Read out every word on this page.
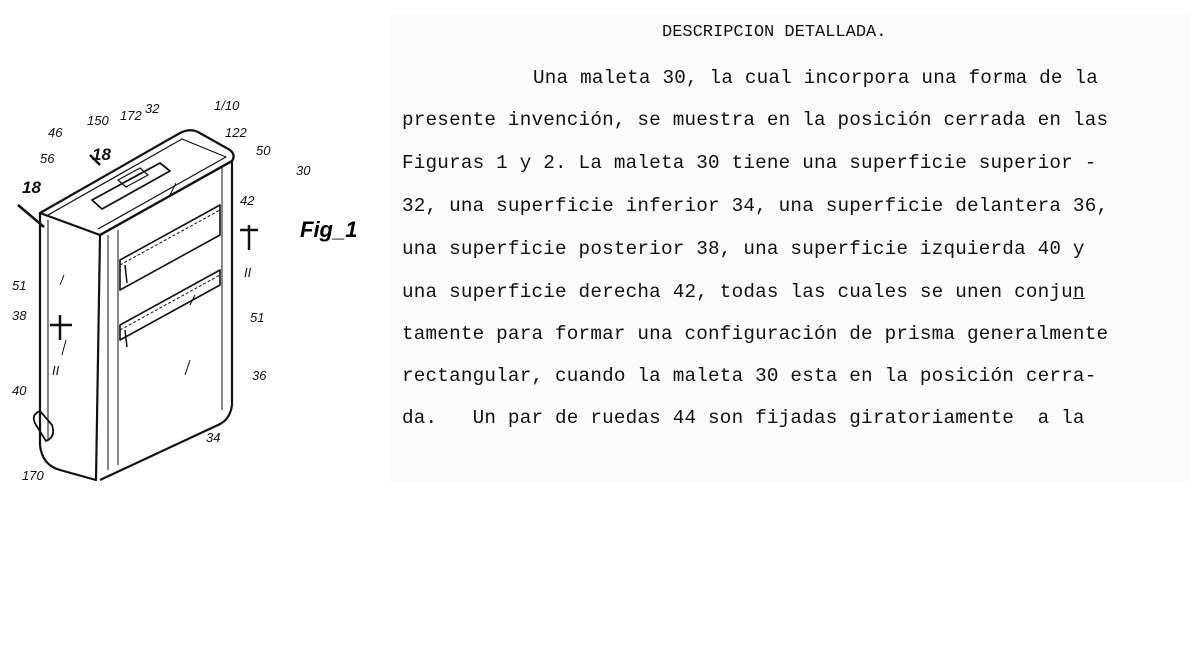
1/10
46
150 172 32
122
50
30
56 18
18
42
II
51
51
38
II	36
40
34
170
Fig_1
DESCRIPCION DETALLADA.
Una maleta 30, la cual incorpora una forma de la
presente invención, se muestra en la posición cerrada en las
Figuras 1 y 2. La maleta 30 tiene una superficie superior -
32, una superficie inferior 34, una superficie delantera 36,
una superficie posterior 38, una superficie izquierda 40 y
una superficie derecha 42, todas las cuales se unen conjun
tamente para formar una configuración de prisma generalmente
rectangular, cuando la maleta 30 esta en la posición cerra-
da.   Un par de ruedas 44 son fijadas giratoriamente  a la
